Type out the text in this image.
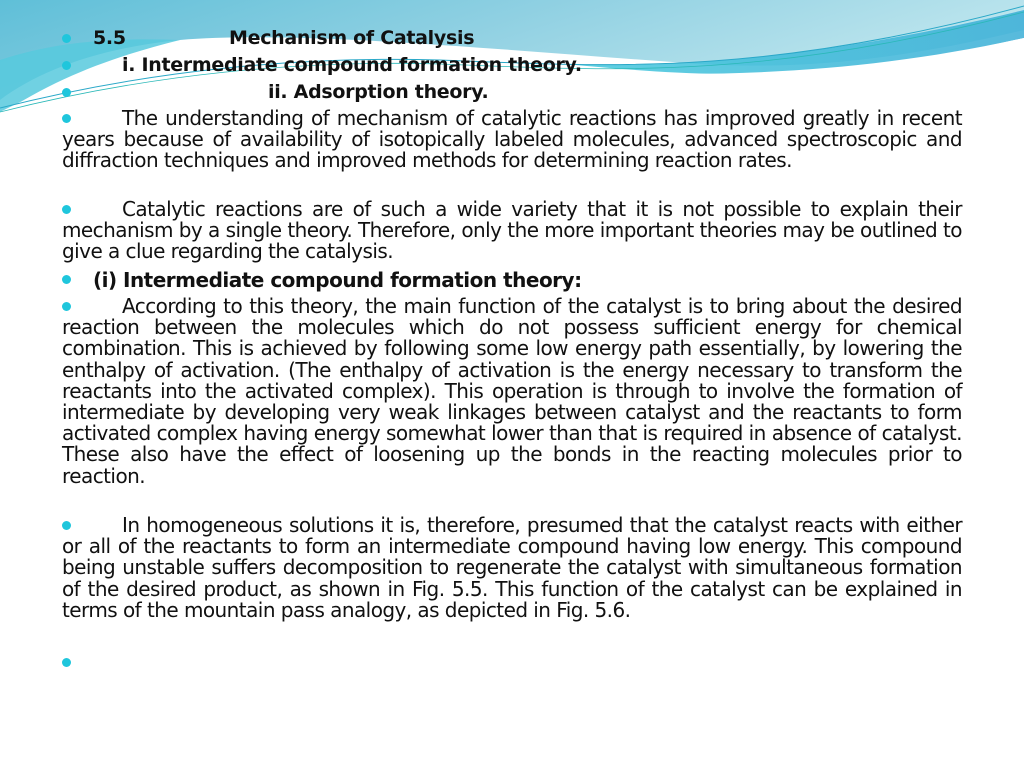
5.5	Mechanism of Catalysis
i. Intermediate compound formation theory.
ii. Adsorption theory.
The understanding of mechanism of catalytic reactions has improved greatly in recent years because of availability of isotopically labeled molecules, advanced spectroscopic and diffraction techniques and improved methods for determining reaction rates.
Catalytic reactions are of such a wide variety that it is not possible to explain their mechanism by a single theory. Therefore, only the more important theories may be outlined to give a clue regarding the catalysis.
(i) Intermediate compound formation theory:
According to this theory, the main function of the catalyst is to bring about the desired reaction between the molecules which do not possess sufficient energy for chemical combination. This is achieved by following some low energy path essentially, by lowering the enthalpy of activation. (The enthalpy of activation is the energy necessary to transform the reactants into the activated complex). This operation is through to involve the formation of intermediate by developing very weak linkages between catalyst and the reactants to form activated complex having energy somewhat lower than that is required in absence of catalyst. These also have the effect of loosening up the bonds in the reacting molecules prior to reaction.
In homogeneous solutions it is, therefore, presumed that the catalyst reacts with either or all of the reactants to form an intermediate compound having low energy. This compound being unstable suffers decomposition to regenerate the catalyst with simultaneous formation of the desired product, as shown in Fig. 5.5. This function of the catalyst can be explained in terms of the mountain pass analogy, as depicted in Fig. 5.6.
